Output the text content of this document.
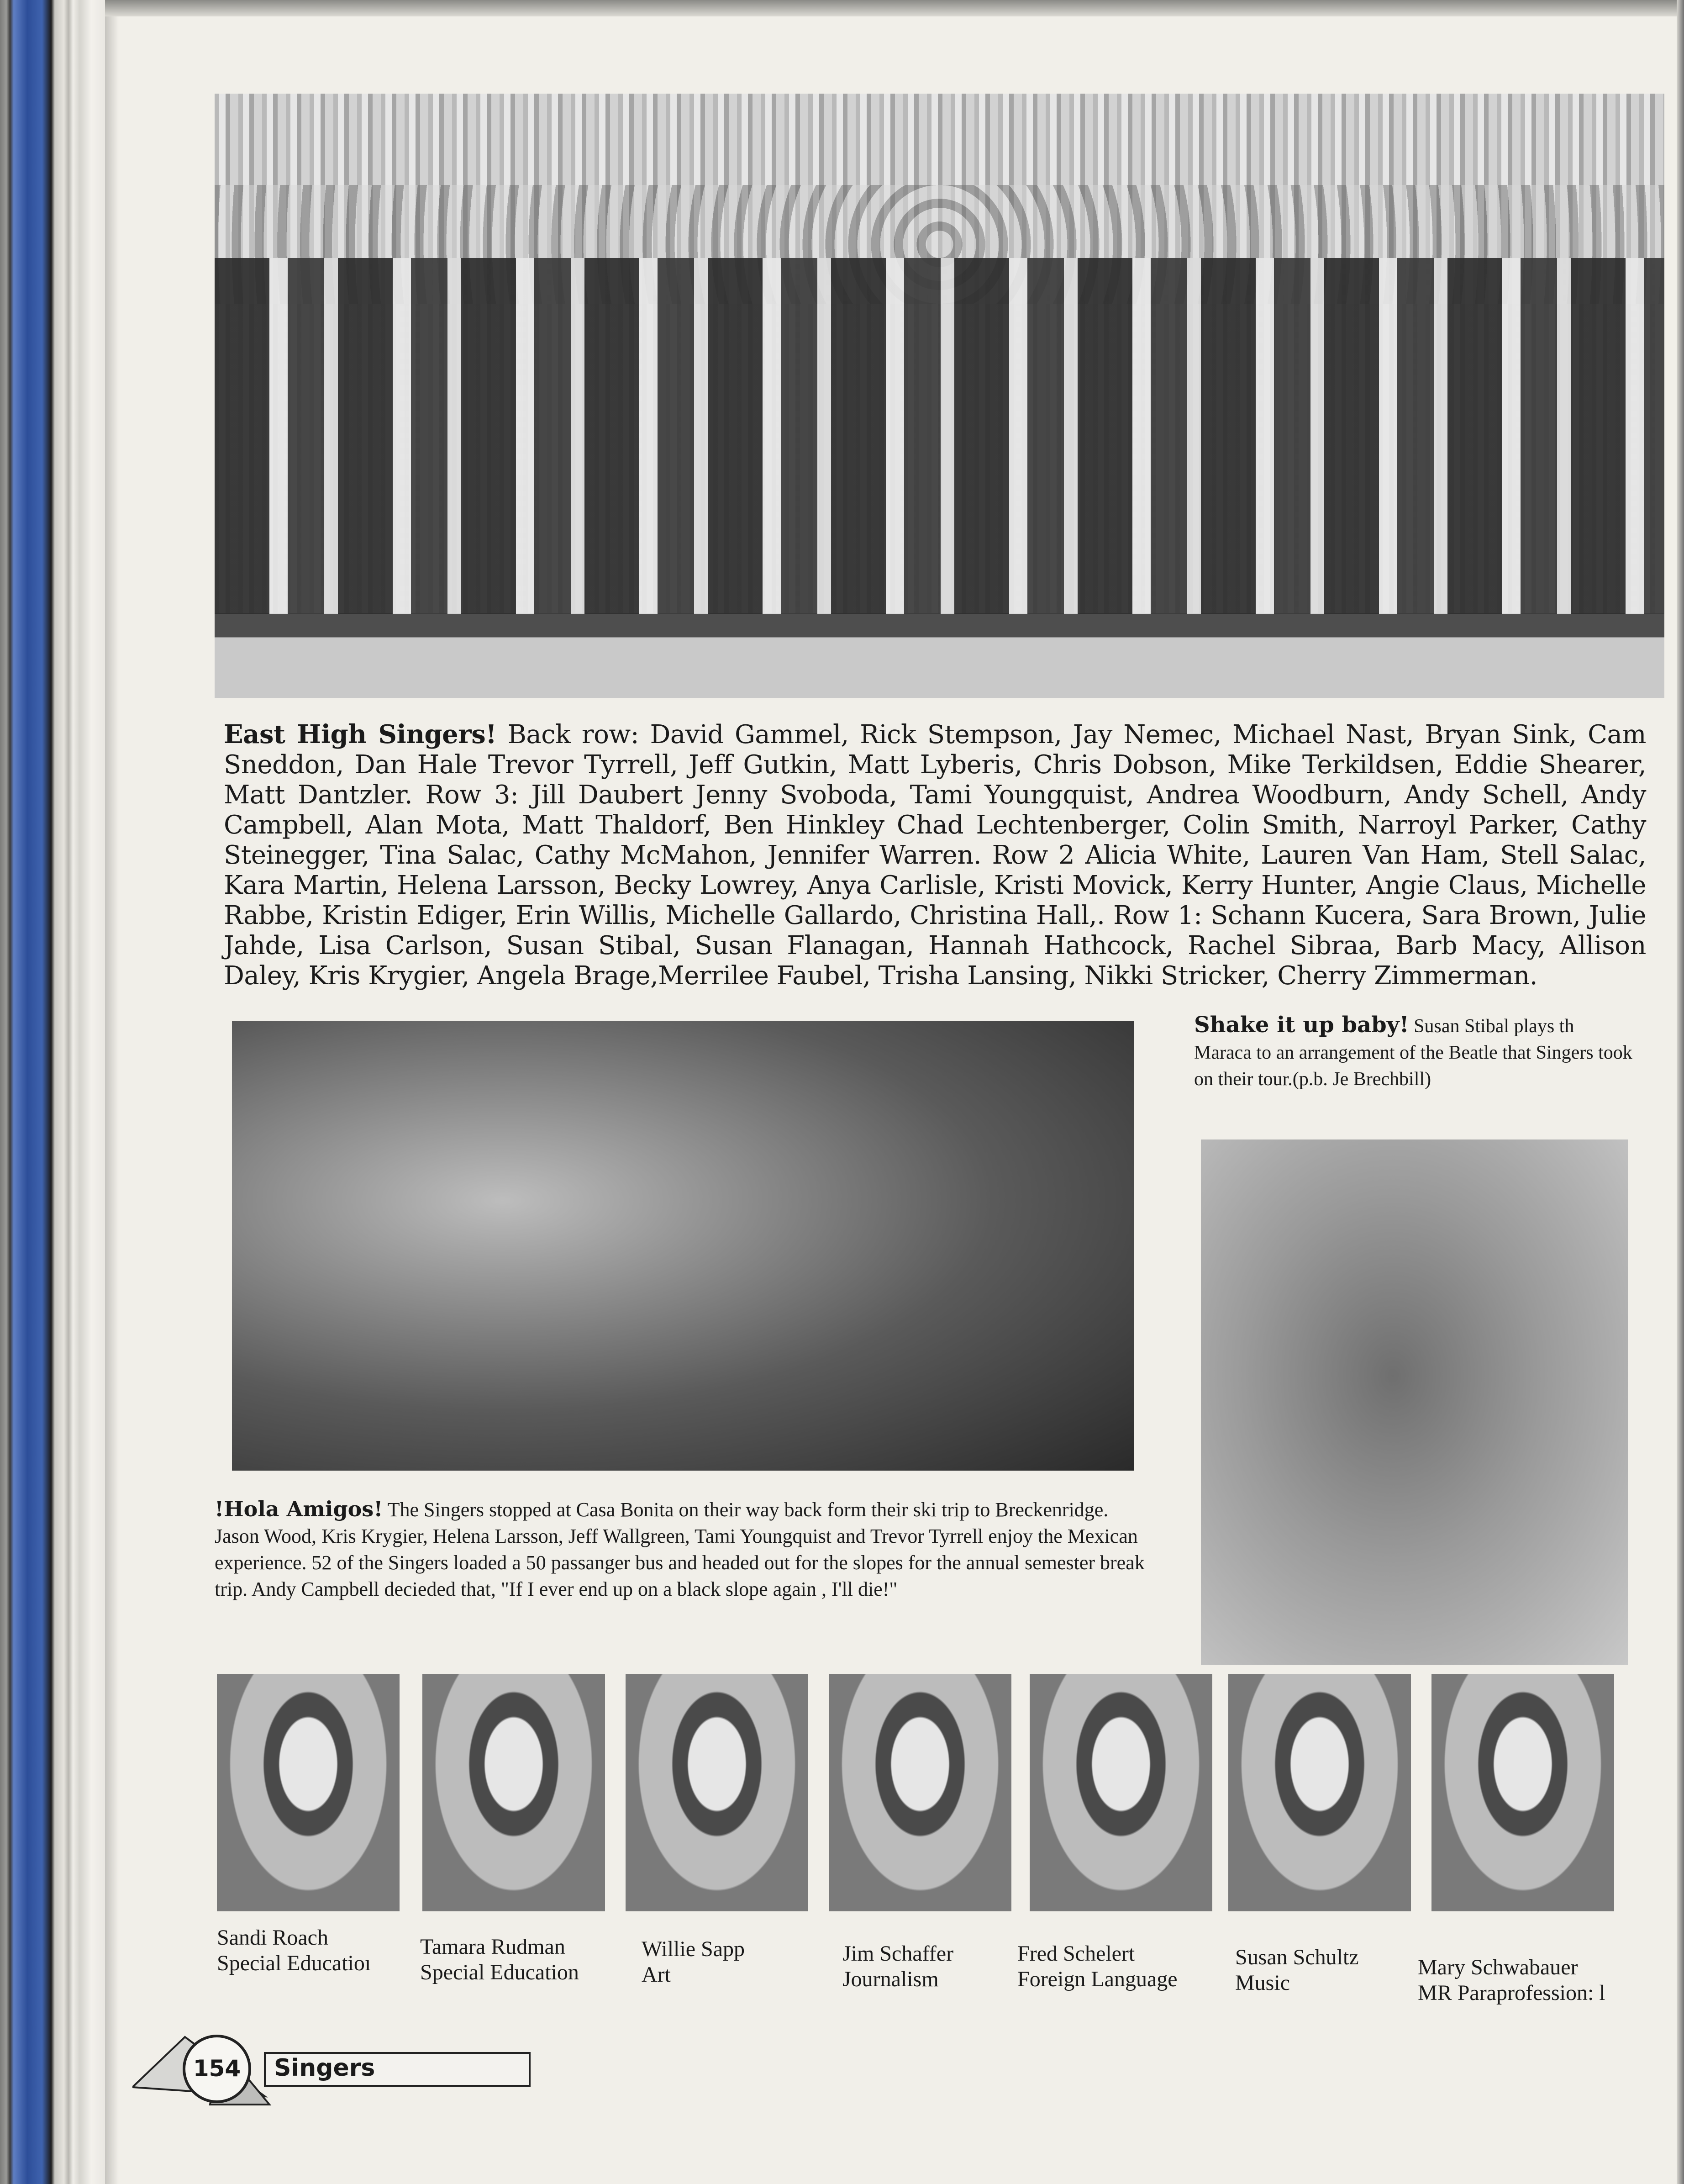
East High Singers! Back row: David Gammel, Rick Stempson, Jay Nemec, Michael Nast, Bryan Sink, Cam Sneddon, Dan Hale Trevor Tyrrell, Jeff Gutkin, Matt Lyberis, Chris Dobson, Mike Terkildsen, Eddie Shearer, Matt Dantzler. Row 3: Jill Daubert Jenny Svoboda, Tami Youngquist, Andrea Woodburn, Andy Schell, Andy Campbell, Alan Mota, Matt Thaldorf, Ben Hinkley Chad Lechtenberger, Colin Smith, Narroyl Parker, Cathy Steinegger, Tina Salac, Cathy McMahon, Jennifer Warren. Row 2 Alicia White, Lauren Van Ham, Stell Salac, Kara Martin, Helena Larsson, Becky Lowrey, Anya Carlisle, Kristi Movick, Kerry Hunter, Angie Claus, Michelle Rabbe, Kristin Ediger, Erin Willis, Michelle Gallardo, Christina Hall,. Row 1: Schann Kucera, Sara Brown, Julie Jahde, Lisa Carlson, Susan Stibal, Susan Flanagan, Hannah Hathcock, Rachel Sibraa, Barb Macy, Allison Daley, Kris Krygier, Angela Brage,Merrilee Faubel, Trisha Lansing, Nikki Stricker, Cherry Zimmerman.
Shake it up baby! Susan Stibal plays th Maraca to an arrangement of the Beatle that Singers took on their tour.(p.b. Je Brechbill)
!Hola Amigos! The Singers stopped at Casa Bonita on their way back form their ski trip to Breckenridge. Jason Wood, Kris Krygier, Helena Larsson, Jeff Wallgreen, Tami Youngquist and Trevor Tyrrell enjoy the Mexican experience. 52 of the Singers loaded a 50 passanger bus and headed out for the slopes for the annual semester break trip. Andy Campbell decieded that, "If I ever end up on a black slope again , I'll die!"
Sandi Roach
Special Educatioı
Tamara Rudman
Special Education
Willie Sapp
Art
Jim Schaffer
Journalism
Fred Schelert
Foreign Language
Susan Schultz
Music
Mary Schwabauer
MR Paraprofession: l
154 Singers
